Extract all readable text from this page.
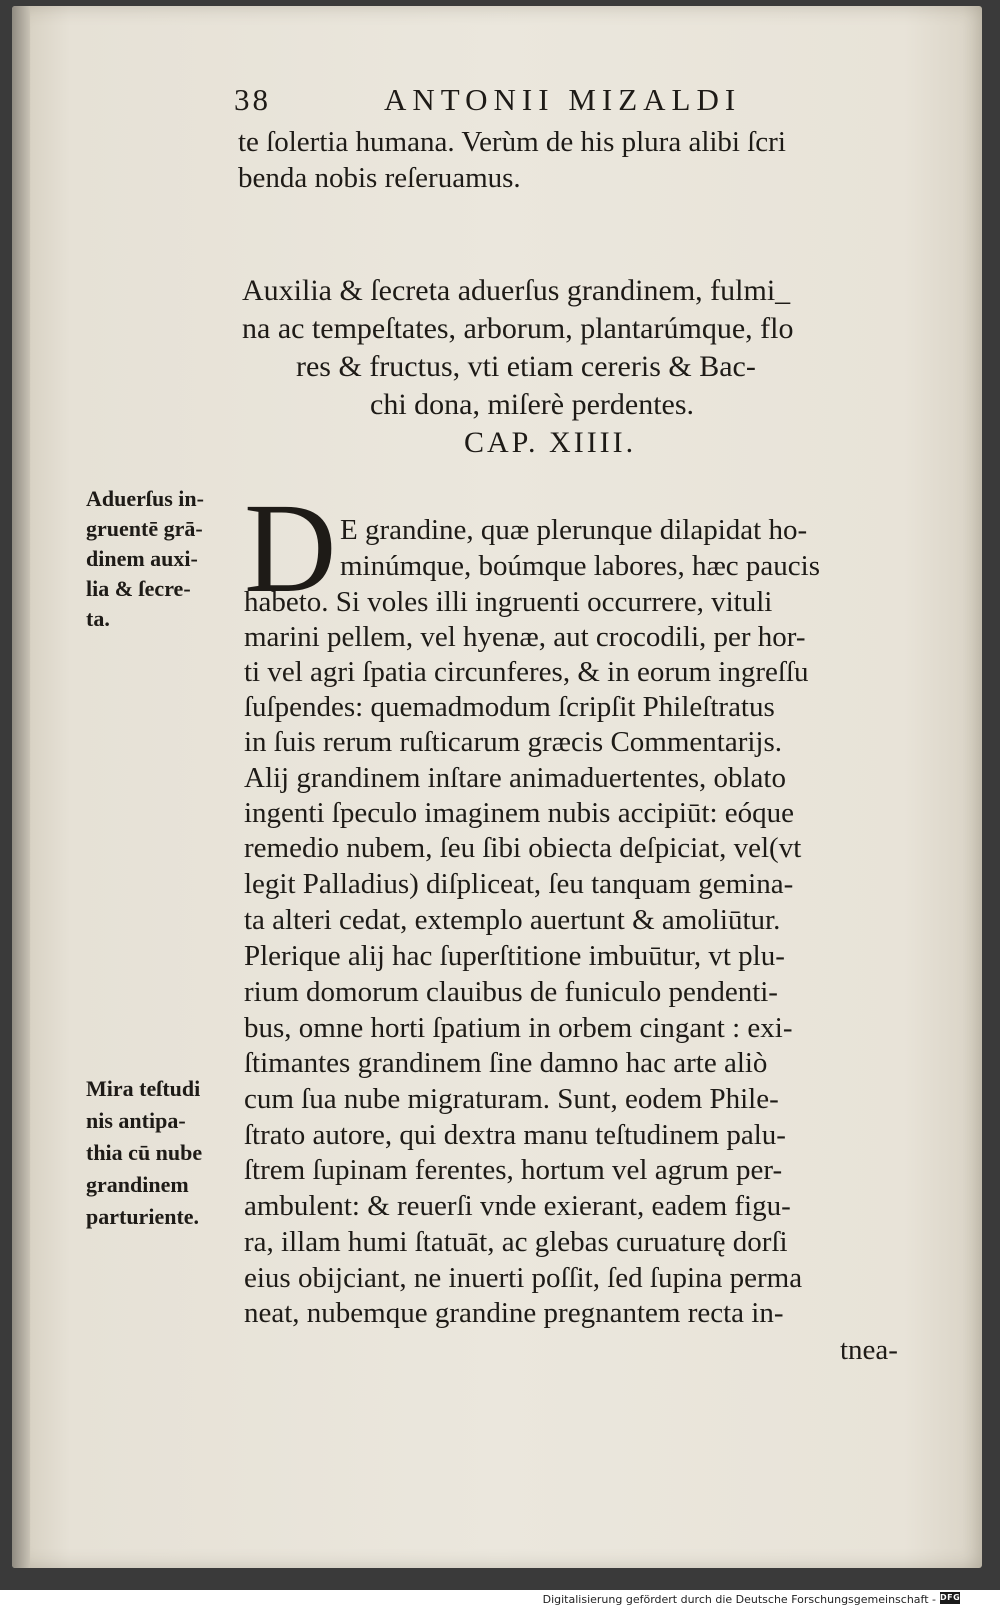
38	ANTONII MIZALDI
te ſolertia humana. Verùm de his plura alibi ſcri
benda nobis reſeruamus.
Auxilia & ſecreta aduerſus grandinem, fulmi_
na ac tempeſtates, arborum, plantarúmque, flo
res & fructus, vti etiam cereris & Bac-
chi dona, miſerè perdentes.
CAP. XIIII.
D E grandine, quæ plerunque dilapidat ho-
minúmque, boúmque labores, hæc paucis
habeto. Si voles illi ingruenti occurrere, vituli
marini pellem, vel hyenæ, aut crocodili, per hor-
ti vel agri ſpatia circunferes, & in eorum ingreſſu
ſuſpendes: quemadmodum ſcripſit Phileſtratus
in ſuis rerum ruſticarum græcis Commentarijs.
Alij grandinem inſtare animaduertentes, oblato
ingenti ſpeculo imaginem nubis accipiūt: eóque
remedio nubem, ſeu ſibi obiecta deſpiciat, vel(vt
legit Palladius) diſpliceat, ſeu tanquam gemina-
ta alteri cedat, extemplo auertunt & amoliūtur.
Plerique alij hac ſuperſtitione imbuūtur, vt plu-
rium domorum clauibus de funiculo pendenti-
bus, omne horti ſpatium in orbem cingant : exi-
ſtimantes grandinem ſine damno hac arte aliò
cum ſua nube migraturam. Sunt, eodem Phile-
ſtrato autore, qui dextra manu teſtudinem palu-
ſtrem ſupinam ferentes, hortum vel agrum per-
ambulent: & reuerſi vnde exierant, eadem figu-
ra, illam humi ſtatuāt, ac glebas curuaturę dorſi
eius obijciant, ne inuerti poſſit, ſed ſupina perma
neat, nubemque grandine pregnantem recta in-
tnea-
Aduerſus in-
gruentē grā-
dinem auxi-
lia & ſecre-
ta.
Mira teſtudi
nis antipa-
thia cū nube
grandinem
parturiente.
Digitalisierung gefördert durch die Deutsche Forschungsgemeinschaft - DFG
